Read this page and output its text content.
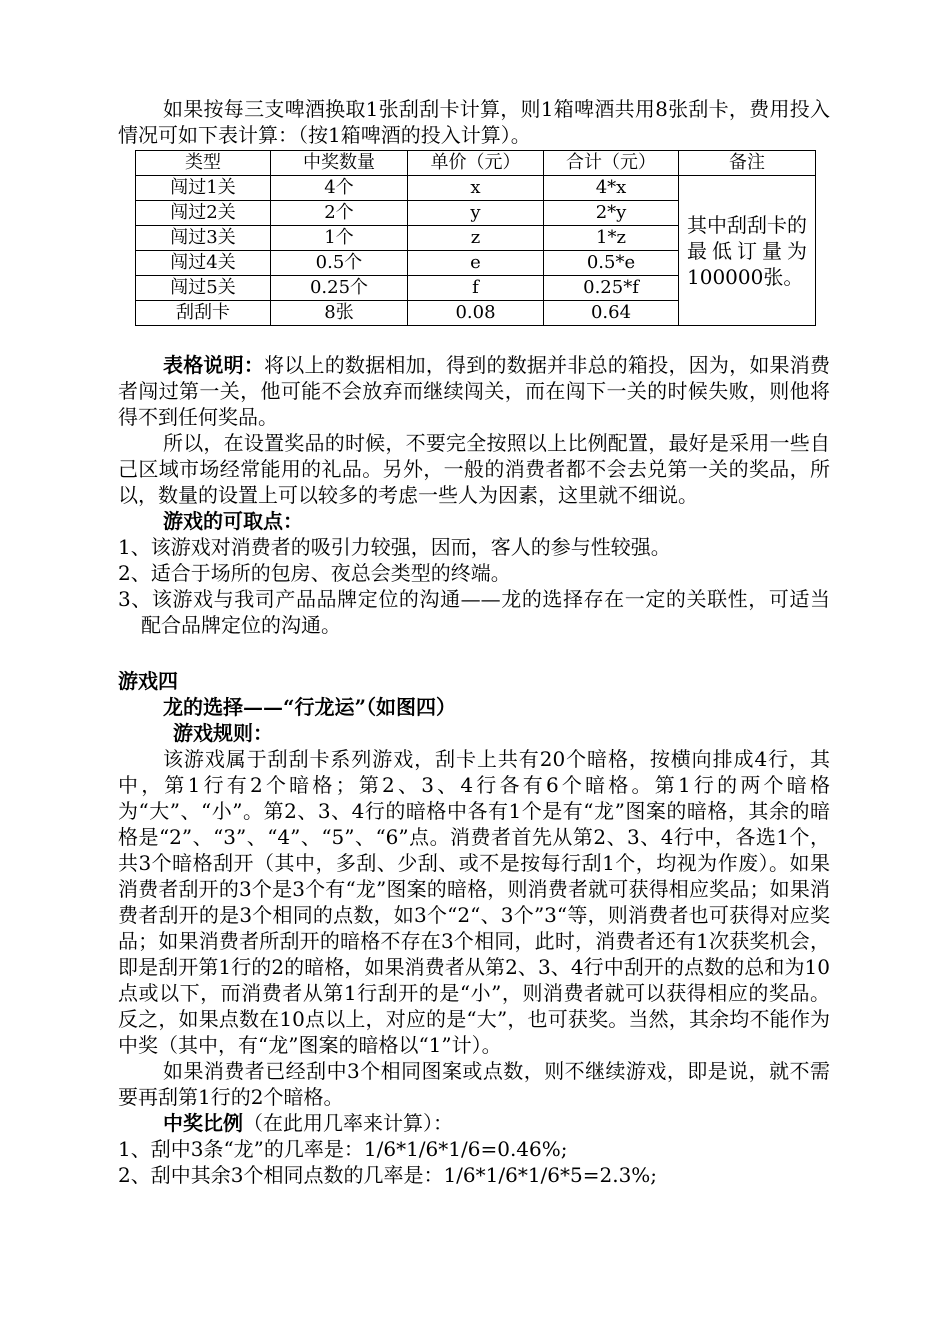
如果按每三支啤酒换取1张刮刮卡计算，则1箱啤酒共用8张刮卡，费用投入情况可如下表计算：（按1箱啤酒的投入计算）。

类型	中奖数量	单价（元）	合计（元）	备注
闯过1关	4个	x	4*x	其中刮刮卡的最低订量为100000张。
闯过2关	2个	y	2*y	
闯过3关	1个	z	1*z	
闯过4关	0.5个	e	0.5*e	
闯过5关	0.25个	f	0.25*f	
刮刮卡	8张	0.08	0.64	

表格说明：将以上的数据相加，得到的数据并非总的箱投，因为，如果消费者闯过第一关，他可能不会放弃而继续闯关，而在闯下一关的时候失败，则他将得不到任何奖品。

所以，在设置奖品的时候，不要完全按照以上比例配置，最好是采用一些自己区域市场经常能用的礼品。另外，一般的消费者都不会去兑第一关的奖品，所以，数量的设置上可以较多的考虑一些人为因素，这里就不细说。

游戏的可取点：

1、该游戏对消费者的吸引力较强，因而，客人的参与性较强。

2、适合于场所的包房、夜总会类型的终端。

3、该游戏与我司产品品牌定位的沟通——龙的选择存在一定的关联性，可适当配合品牌定位的沟通。

游戏四

龙的选择——“行龙运”（如图四）

游戏规则：

该游戏属于刮刮卡系列游戏，刮卡上共有20个暗格，按横向排成4行，其中，第1行有2个暗格；第2、3、4行各有6个暗格。第1行的两个暗格为“大”、“小”。第2、3、4行的暗格中各有1个是有“龙”图案的暗格，其余的暗格是“2”、“3”、“4”、“5”、“6”点。消费者首先从第2、3、4行中，各选1个，共3个暗格刮开（其中，多刮、少刮、或不是按每行刮1个，均视为作废）。如果消费者刮开的3个是3个有“龙”图案的暗格，则消费者就可获得相应奖品；如果消费者刮开的是3个相同的点数，如3个“2“、3个”3“等，则消费者也可获得对应奖品；如果消费者所刮开的暗格不存在3个相同，此时，消费者还有1次获奖机会，即是刮开第1行的2的暗格，如果消费者从第2、3、4行中刮开的点数的总和为10点或以下，而消费者从第1行刮开的是“小”，则消费者就可以获得相应的奖品。反之，如果点数在10点以上，对应的是“大”，也可获奖。当然，其余均不能作为中奖（其中，有“龙”图案的暗格以“1”计）。

如果消费者已经刮中3个相同图案或点数，则不继续游戏，即是说，就不需要再刮第1行的2个暗格。

中奖比例（在此用几率来计算）：

1、刮中3条“龙”的几率是：1/6*1/6*1/6=0.46%;

2、刮中其余3个相同点数的几率是：1/6*1/6*1/6*5=2.3%;
